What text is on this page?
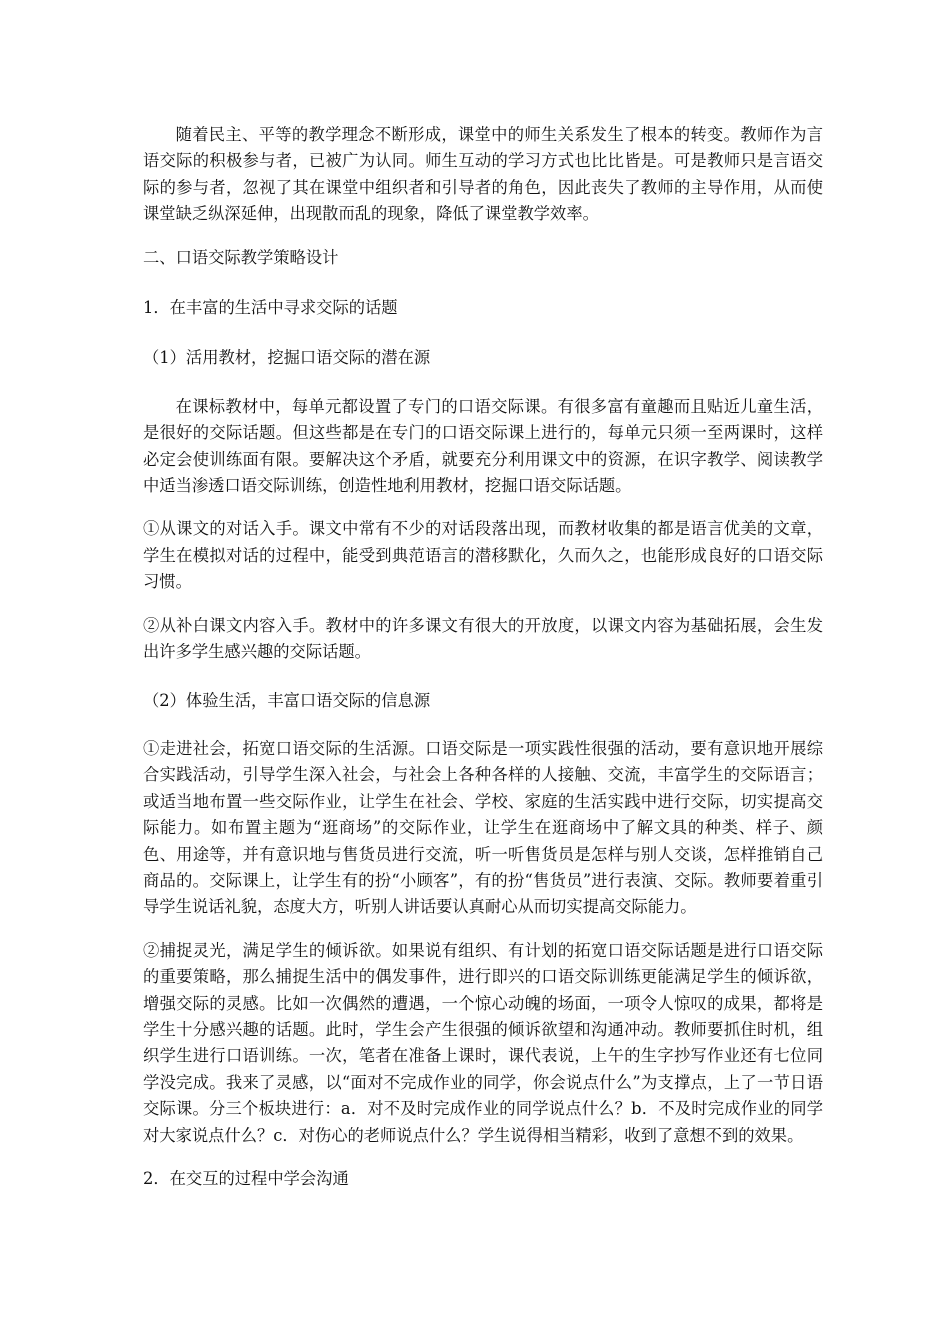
随着民主、平等的教学理念不断形成，课堂中的师生关系发生了根本的转变。教师作为言语交际的积极参与者，已被广为认同。师生互动的学习方式也比比皆是。可是教师只是言语交际的参与者，忽视了其在课堂中组织者和引导者的角色，因此丧失了教师的主导作用，从而使课堂缺乏纵深延伸，出现散而乱的现象，降低了课堂教学效率。

二、口语交际教学策略设计

1．在丰富的生活中寻求交际的话题

（1）活用教材，挖掘口语交际的潜在源

在课标教材中，每单元都设置了专门的口语交际课。有很多富有童趣而且贴近儿童生活，是很好的交际话题。但这些都是在专门的口语交际课上进行的，每单元只须一至两课时，这样必定会使训练面有限。要解决这个矛盾，就要充分利用课文中的资源，在识字教学、阅读教学中适当渗透口语交际训练，创造性地利用教材，挖掘口语交际话题。

①从课文的对话入手。课文中常有不少的对话段落出现，而教材收集的都是语言优美的文章，学生在模拟对话的过程中，能受到典范语言的潜移默化，久而久之，也能形成良好的口语交际习惯。

②从补白课文内容入手。教材中的许多课文有很大的开放度，以课文内容为基础拓展，会生发出许多学生感兴趣的交际话题。

（2）体验生活，丰富口语交际的信息源

①走进社会，拓宽口语交际的生活源。口语交际是一项实践性很强的活动，要有意识地开展综合实践活动，引导学生深入社会，与社会上各种各样的人接触、交流，丰富学生的交际语言；或适当地布置一些交际作业，让学生在社会、学校、家庭的生活实践中进行交际，切实提高交际能力。如布置主题为“逛商场”的交际作业，让学生在逛商场中了解文具的种类、样子、颜色、用途等，并有意识地与售货员进行交流，听一听售货员是怎样与别人交谈，怎样推销自己商品的。交际课上，让学生有的扮“小顾客”，有的扮“售货员”进行表演、交际。教师要着重引导学生说话礼貌，态度大方，听别人讲话要认真耐心从而切实提高交际能力。

②捕捉灵光，满足学生的倾诉欲。如果说有组织、有计划的拓宽口语交际话题是进行口语交际的重要策略，那么捕捉生活中的偶发事件，进行即兴的口语交际训练更能满足学生的倾诉欲，增强交际的灵感。比如一次偶然的遭遇，一个惊心动魄的场面，一项令人惊叹的成果，都将是学生十分感兴趣的话题。此时，学生会产生很强的倾诉欲望和沟通冲动。教师要抓住时机，组织学生进行口语训练。一次，笔者在准备上课时，课代表说，上午的生字抄写作业还有七位同学没完成。我来了灵感，以“面对不完成作业的同学，你会说点什么”为支撑点，上了一节日语交际课。分三个板块进行：a．对不及时完成作业的同学说点什么？b．不及时完成作业的同学对大家说点什么？c．对伤心的老师说点什么？学生说得相当精彩，收到了意想不到的效果。

2．在交互的过程中学会沟通
